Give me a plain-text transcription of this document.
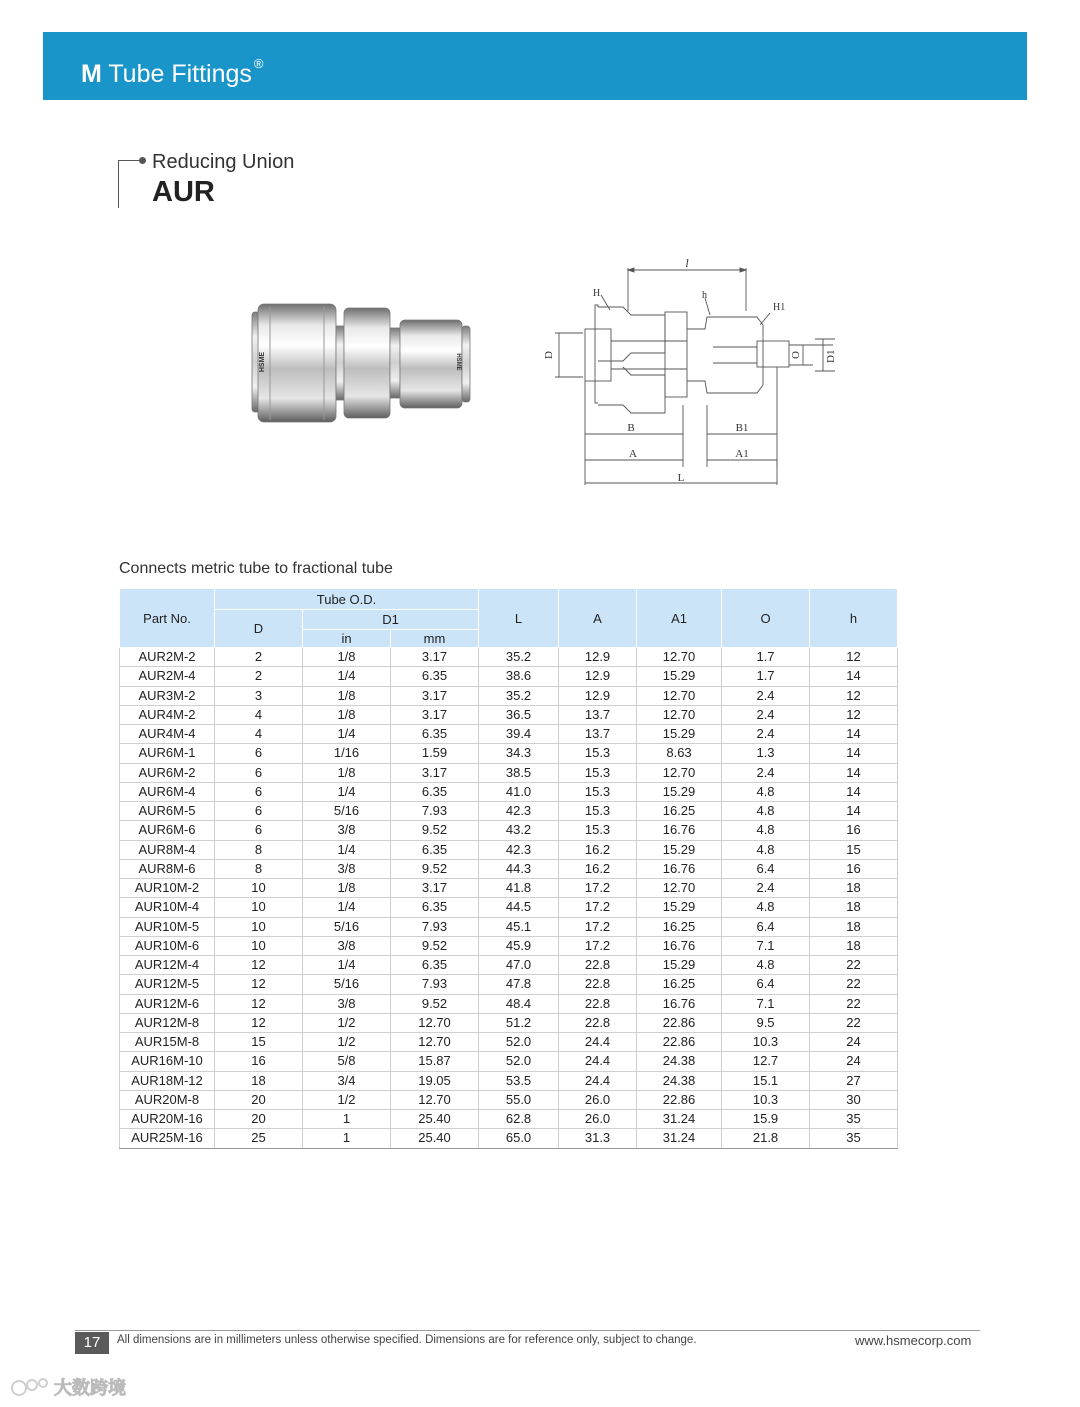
M Tube Fittings ®
Reducing Union
AUR
HSME	HSME
l
H	h
H1
D	O D1
B	B1
A	A1
L
Connects metric tube to fractional tube
Part No.	Tube O.D.			L	A	A1	O	h
	D	D1						
		in	mm					
AUR2M-2	2	1/8	3.17	35.2	12.9	12.70	1.7	12
AUR2M-4	2	1/4	6.35	38.6	12.9	15.29	1.7	14
AUR3M-2	3	1/8	3.17	35.2	12.9	12.70	2.4	12
AUR4M-2	4	1/8	3.17	36.5	13.7	12.70	2.4	12
AUR4M-4	4	1/4	6.35	39.4	13.7	15.29	2.4	14
AUR6M-1	6	1/16	1.59	34.3	15.3	8.63	1.3	14
AUR6M-2	6	1/8	3.17	38.5	15.3	12.70	2.4	14
AUR6M-4	6	1/4	6.35	41.0	15.3	15.29	4.8	14
AUR6M-5	6	5/16	7.93	42.3	15.3	16.25	4.8	14
AUR6M-6	6	3/8	9.52	43.2	15.3	16.76	4.8	16
AUR8M-4	8	1/4	6.35	42.3	16.2	15.29	4.8	15
AUR8M-6	8	3/8	9.52	44.3	16.2	16.76	6.4	16
AUR10M-2	10	1/8	3.17	41.8	17.2	12.70	2.4	18
AUR10M-4	10	1/4	6.35	44.5	17.2	15.29	4.8	18
AUR10M-5	10	5/16	7.93	45.1	17.2	16.25	6.4	18
AUR10M-6	10	3/8	9.52	45.9	17.2	16.76	7.1	18
AUR12M-4	12	1/4	6.35	47.0	22.8	15.29	4.8	22
AUR12M-5	12	5/16	7.93	47.8	22.8	16.25	6.4	22
AUR12M-6	12	3/8	9.52	48.4	22.8	16.76	7.1	22
AUR12M-8	12	1/2	12.70	51.2	22.8	22.86	9.5	22
AUR15M-8	15	1/2	12.70	52.0	24.4	22.86	10.3	24
AUR16M-10	16	5/8	15.87	52.0	24.4	24.38	12.7	24
AUR18M-12	18	3/4	19.05	53.5	24.4	24.38	15.1	27
AUR20M-8	20	1/2	12.70	55.0	26.0	22.86	10.3	30
AUR20M-16	20	1	25.40	62.8	26.0	31.24	15.9	35
AUR25M-16	25	1	25.40	65.0	31.3	31.24	21.8	35
17	All dimensions are in millimeters unless otherwise specified. Dimensions are for reference only, subject to change.	www.hsmecorp.com
大数跨境
